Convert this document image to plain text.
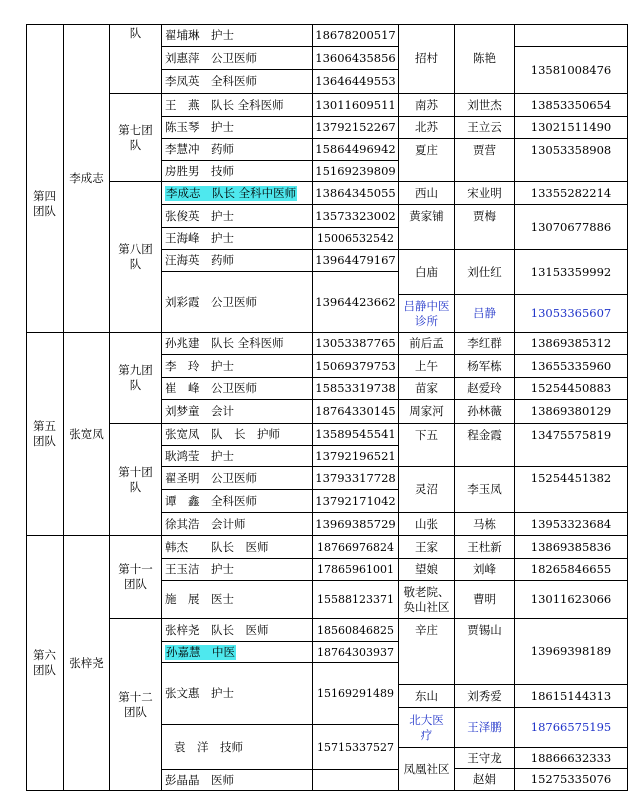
第五团队
第六团队
第四团队
李成志
张宽凤
张梓尧
队
第七团队
第八团队
第九团队
第十团队
第十一团队
第十二团队
翟埔琳　护士
刘惠萍　公卫医师
李凤英　全科医师
王　燕　队长 全科医师
陈玉琴　护士
李慧冲　药师
房胜男　技师
李成志　队长 全科中医师
张俊英　护士
王海峰　护士
汪海英　药师
刘彩霞　公卫医师
孙兆建　队长 全科医师
李　玲　护士
崔　峰　公卫医师
刘梦童　会计
张宽凤　队　长　护师
耿鸿莹　护士
翟圣明　公卫医师
谭　鑫　全科医师
徐其浩　会计师
韩杰　　队长　医师
王玉洁　护士
施　展　医士
张梓尧　队长　医师
孙嘉慧　中医
张文惠　护士
袁　洋　技师
彭晶晶　医师
18678200517
13606435856
13646449553
13011609511
13792152267
15864496942
15169239809
13864345055
13573323002
15006532542
13964479167
13964423662
13053387765
15069379753
15853319738
18764330145
13589545541
13792196521
13793317728
13792171042
13969385729
18766976824
17865961001
15588123371
18560846825
18764303937
15169291489
15715337527
招村
南苏
北苏
夏庄
西山
黄家铺
白庙
吕静中医诊所
前后孟
上午
苗家
周家河
下五
灵沼
山张
王家
望娘
敬老院、奂山社区
辛庄
东山
北大医疗
凤凰社区
陈艳
刘世杰
王立云
贾营
宋业明
贾梅
刘仕红
吕静
李红群
杨军栋
赵爱玲
孙林薇
程金霞
李玉凤
马栋
王杜新
刘峰
曹明
贾锡山
刘秀爱
王泽鹏
王守龙
赵娟
13581008476
13853350654
13021511490
13053358908
13355282214
13070677886
13153359992
13053365607
13869385312
13655335960
15254450883
13869380129
13475575819
15254451382
13953323684
13869385836
18265846655
13011623066
13969398189
18615144313
18766575195
18866632333
15275335076
